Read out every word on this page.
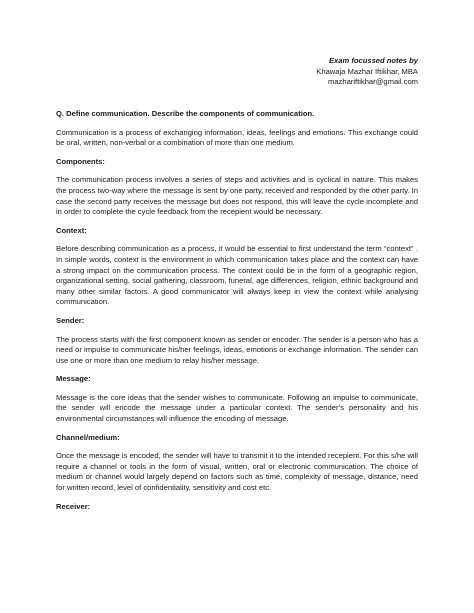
Exam focussed notes by
Khawaja Mazhar Iftikhar, MBA
mazhariftikhar@gmail.com
Q. Define communication. Describe the components of communication.

Communication is a process of exchanging information, ideas, feelings and emotions. This exchange could be oral, written, non-verbal or a combination of more than one medium.

Components:

The communication process involves a series of steps and activities and is cyclical in nature. This makes the process two-way where the message is sent by one party, received and responded by the other party. In case the second party receives the message but does not respond, this will leave the cycle incomplete and in order to complete the cycle feedback from the recepient would be necessary.

Context:

Before describing communication as a process, it would be essential to first understand the term “context” . In simple words, context is the environment in which communication takes place and the context can have a strong impact on the communication process. The context could be in the form of a geographic region, organizational setting, social gathering, classroom, funeral, age differences, religion, ethnic background and many other similar factors. A good communicator will always keep in view the context while analysing communication.

Sender:

The process starts with the first component known as sender or encoder. The sender is a person who has a need or impulse to communicate his/her feelings, ideas, emotions or exchange information. The sender can use one or more than one medium to relay his/her message.

Message:

Message is the core ideas that the sender wishes to communicate. Following an impulse to communicate, the sender will encode the message under a particular context. The sender’s personality and his environmental circumstances will influence the encoding of message.

Channel/medium:

Once the message is encoded, the sender will have to transmit it to the intended recepient. For this s/he will require a channel or tools in the form of visual, written, oral or electronic communication. The choice of medium or channel would largely depend on factors such as time, complexity of message, distance, need for written record, level of confidentiality, sensitivity and cost etc.

Receiver:
